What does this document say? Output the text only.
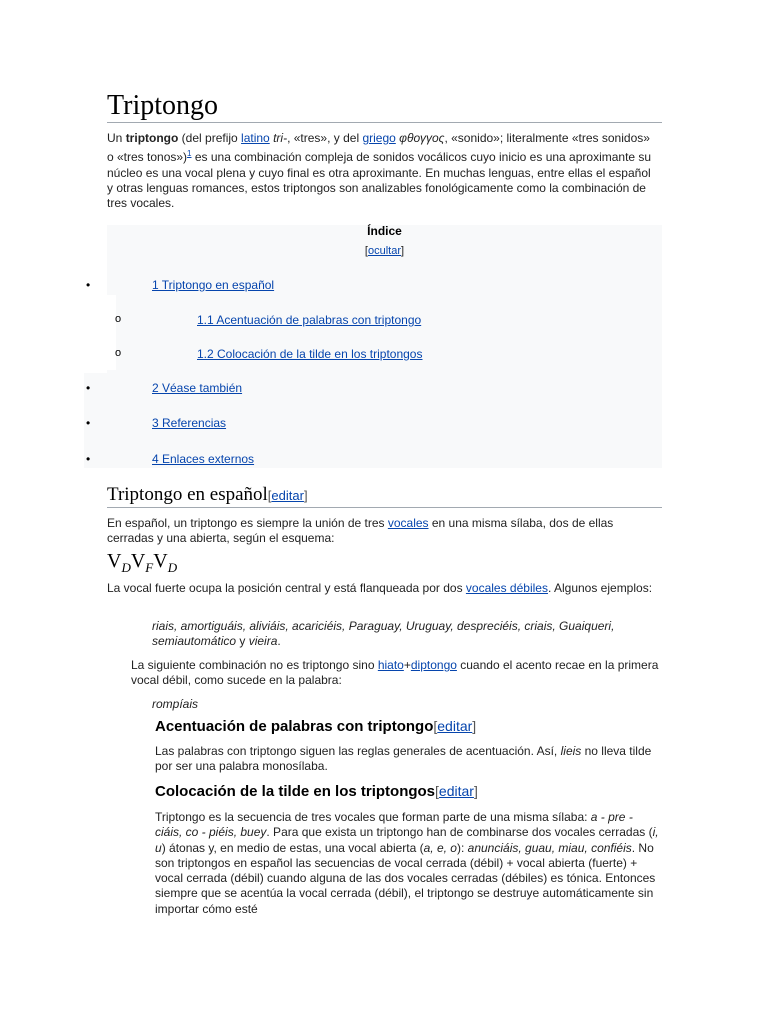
Triptongo
Un triptongo (del prefijo latino tri-, «tres», y del griego φθογγος, «sonido»; literalmente «tres sonidos» o «tres tonos»)$^1$ es una combinación compleja de sonidos vocálicos cuyo inicio es una aproximante su núcleo es una vocal plena y cuyo final es otra aproximante. En muchas lenguas, entre ellas el español y otras lenguas romances, estos triptongos son analizables fonológicamente como la combinación de tres vocales.
Índice
[ocultar]
•	1 Triptongo en español
o	1.1 Acentuación de palabras con triptongo
o	1.2 Colocación de la tilde en los triptongos
•	2 Véase también
•	3 Referencias
•	4 Enlaces externos
Triptongo en español[editar]
En español, un triptongo es siempre la unión de tres vocales en una misma sílaba, dos de ellas cerradas y una abierta, según el esquema:
$V_DV_FV_D$
La vocal fuerte ocupa la posición central y está flanqueada por dos vocales débiles. Algunos ejemplos:
riais, amortiguáis, aliviáis, acariciéis, Paraguay, Uruguay, despreciéis, criais, Guaiqueri, semiautomático y vieira.
La siguiente combinación no es triptongo sino hiato+diptongo cuando el acento recae en la primera vocal débil, como sucede en la palabra:
rompíais
Acentuación de palabras con triptongo[editar]
Las palabras con triptongo siguen las reglas generales de acentuación. Así, lieis no lleva tilde por ser una palabra monosílaba.
Colocación de la tilde en los triptongos[editar]
Triptongo es la secuencia de tres vocales que forman parte de una misma sílaba: a - pre - ciáis, co - piéis, buey. Para que exista un triptongo han de combinarse dos vocales cerradas (i, u) átonas y, en medio de estas, una vocal abierta (a, e, o): anunciáis, guau, miau, confiéis. No son triptongos en español las secuencias de vocal cerrada (débil) + vocal abierta (fuerte) + vocal cerrada (débil) cuando alguna de las dos vocales cerradas (débiles) es tónica. Entonces siempre que se acentúa la vocal cerrada (débil), el triptongo se destruye automáticamente sin importar cómo esté
